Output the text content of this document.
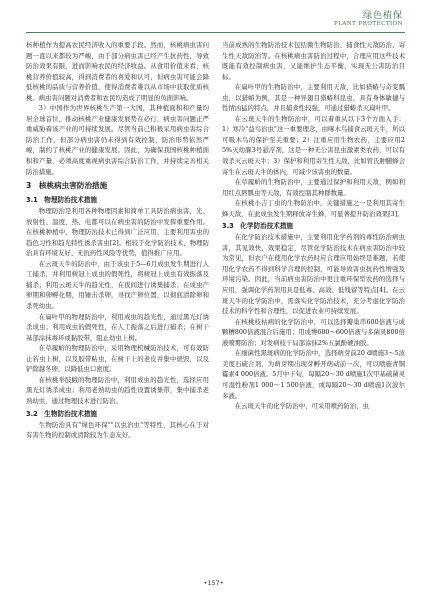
绿色植保
PLANT PROTECTION

核种植作为提高农民经济收入的重要手段。然而，核桃病虫害问题一直以来都较为严峻，由于部分病虫害已经产生抗药性，导致防治效果有限，进而影响农民的经济收益。从食用价值来看，核桃营养价值较高，得到消费者的喜爱和认可，但病虫害可能会降低核桃的品质与营养价值，使得消费者难以从市场中获取优质核桃。病虫害问题对消费者和农民均造成了明显的负面影响。

3）中国作为世界核桃生产第一大国，其种植面积和产量均居全球首位，推动核桃产业健康发展势在必行，病虫害问题正严重威胁着该产业的可持续发展。尽管当前已积极采用病虫害综合防治工作，但部分病虫害仍未得到有效控制，防治形势依然严峻，制约了核桃产业的健康发展。因此，为确保我国核桃种植面积和产量，必须高度重视病虫害综合防治工作，并持续完善相关防治措施。

3　核桃病虫害防治措施
3.1　物理防治技术措施

物理防治是利用各种物理因素和简单工具防治病虫害，光、放射性、温度、热、电都可以在病虫害的防治中发挥重要作用。在核桃种植中，物理防治技术已得到广泛应用，主要利用害虫的趋色习性和趋光特性诱杀害虫[2]。相较于化学防治技术，物理防治具有环境友好、无抗药性风险等优势，值得推广应用。

在云斑天牛的防治中，由于该虫于5—6月成虫发生期进行人工捕杀，并利用树冠上成虫的假死性，将树冠上成虫有效振落及捕杀；利用云斑天牛的趋光性，在夜间进行诱集捕杀；在成虫产卵期和卵孵化期，用锤击杀卵，寻找产卵位置，以彻底清除卵和杀死幼虫。

在扁叶甲的物理防治中，利用成虫的趋光性，通过黑光灯诱杀成虫；利用成虫的假死性，在人工振落之后进行捕杀；在树干基部涂抹毒环或黏胶带，阻止幼虫上树。

在草履蚧的物理防治中，采用物理机械防治技术，可有效防止若虫上树，以及胶带粘虫，在树干上的老皮并集中烧毁，以及铲除越冬卵，以降低虫口密度。

在核桃举肢蛾的物理防治中，利用成虫的趋光性，选择应用黑光灯诱杀成虫；利用老熟幼虫的趋性设置诱集带，集中捕杀老熟幼虫，通过物理技术进行防治。

3.2　生物防治技术措施

生物防治具有"绿色环保""以虫治虫"等特性，其核心在于对有害生物的控制或清除较为生态友好。

当前成熟的生物防治技术包括微生物防治、捕食性天敌防治、寄生性天敌防治等。在核桃病虫害防治过程中，合理应用这些技术既能有效控制病虫害，又能维护生态平衡，实现无公害防治目标。

在扁叶甲的生物防治中，主要利用天敌，比如猎蝽与奇变瓢虫，以猎蝽为例，其是一种异翅目猎蝽科昆虫，具有身体敏捷与性情凶猛的特点，并且捕食性较强，可通过猎蝽杀灭扁叶甲。

在云斑天牛的生物防治中，可以着重从以下3个方面入手：1）寒冷"益鸟治虫"这一重要理念，由啄木鸟捕食云斑天牛，所以可吸木鸟的保护至关重要；2）注重应用生物农药，主要应用25%灭幼脲3号悬浮剂，这是一种无公害昆虫激素类农药，可以有效杀灭云斑天牛；3）保护和利用寄生性天敌，比如管氏肿腿蜂会寄生在云斑天牛的体内，可减少该害虫的数量。

在草履蚧的生物防治中，主要通过保护和利用天敌，例如利用红点唇瓢虫等天敌，有效控制其种群数量。

在核桃小吉丁虫的生物防治中，关键措施之一是利用其寄生蜂天敌，在此成虫发生期释放寄生蜂，可显著提升防治效果[3]。

3.3　化学防治技术措施

在化学防治技术措施中，主要利用化学药剂的毒性防治病虫害，其见效快、效果稳定，尽管化学防治技术在病虫害防治中较为常见，但农户在使用化学农药时应合理应用始终是难题，若使用化学农药不得到科学合理的控制，可能导致害虫抗药性增强及环境污染。因此，当前病虫害防治中更注重环保型农药的选择与应用，强调化学药剂用具是低毒、高效、低残留等特点[4]。在云斑天牛的化学防治中，需落实化学防治技术，充分考虑化学防治技术的科学性和合理性，以促进农业可持续发展。

在核桃枝枯病的化学防治中，可以选择瓣巢串600倍液与成颗糟800倍液混合后施用；用成博600～600倍液与多菌灵800倍液喷雾防治；对发病枝干局部涂抹2%五氯酚硬油胶。

在细菌性黑斑病的化学防治中，选择萌芽前20 d喷施3～5波美度石硫合剂，为萌芽期出现芽孵开萌动前一次，可以喷施青铜霉素4 000倍液。5月中下旬，每隔20～30 d喷施1次甲基硫菌灵可湿性粉剂1 000～1 500倍液，或每隔20～30 d喷施1次波尔多液。

在云斑天牛的化学防治中，可采用喷药防治、虫

•157•
